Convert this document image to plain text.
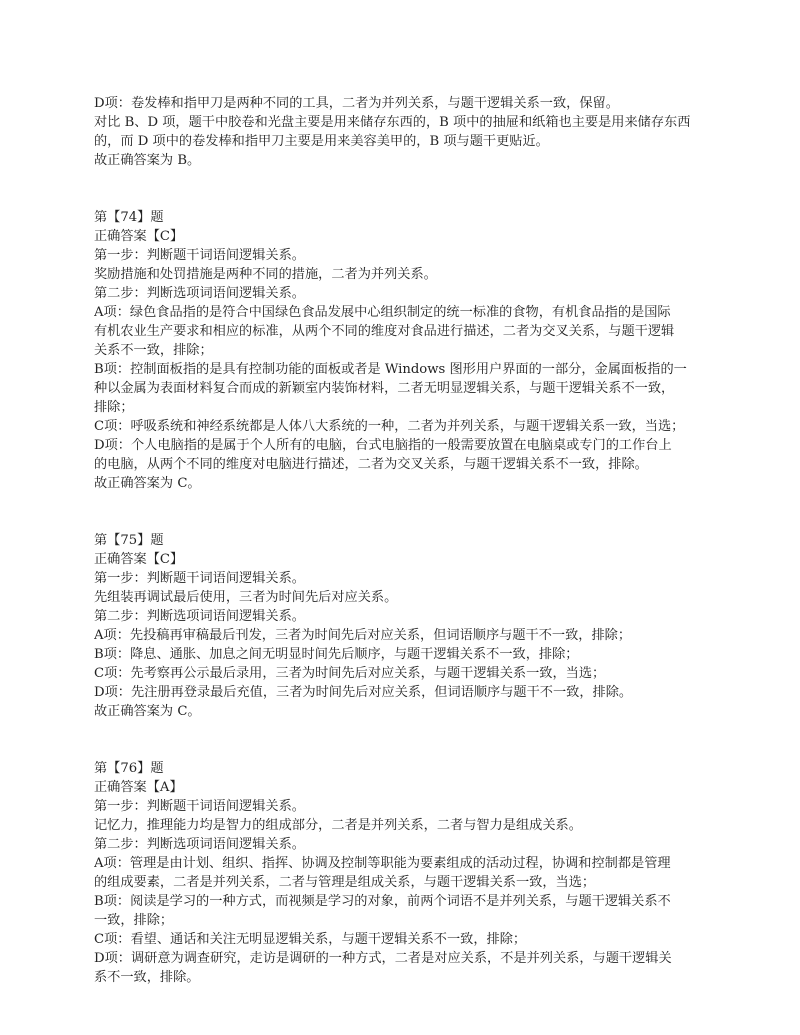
D项：卷发棒和指甲刀是两种不同的工具，二者为并列关系，与题干逻辑关系一致，保留。
对比 B、D 项，题干中胶卷和光盘主要是用来储存东西的，B 项中的抽屉和纸箱也主要是用来储存东西
的，而 D 项中的卷发棒和指甲刀主要是用来美容美甲的，B 项与题干更贴近。
故正确答案为 B。
第【74】题
正确答案【C】
第一步：判断题干词语间逻辑关系。
奖励措施和处罚措施是两种不同的措施，二者为并列关系。
第二步：判断选项词语间逻辑关系。
A项：绿色食品指的是符合中国绿色食品发展中心组织制定的统一标准的食物，有机食品指的是国际
有机农业生产要求和相应的标准，从两个不同的维度对食品进行描述，二者为交叉关系，与题干逻辑
关系不一致，排除；
B项：控制面板指的是具有控制功能的面板或者是 Windows 图形用户界面的一部分，金属面板指的一
种以金属为表面材料复合而成的新颖室内装饰材料，二者无明显逻辑关系，与题干逻辑关系不一致，
排除；
C项：呼吸系统和神经系统都是人体八大系统的一种，二者为并列关系，与题干逻辑关系一致，当选；
D项：个人电脑指的是属于个人所有的电脑，台式电脑指的一般需要放置在电脑桌或专门的工作台上
的电脑，从两个不同的维度对电脑进行描述，二者为交叉关系，与题干逻辑关系不一致，排除。
故正确答案为 C。
第【75】题
正确答案【C】
第一步：判断题干词语间逻辑关系。
先组装再调试最后使用，三者为时间先后对应关系。
第二步：判断选项词语间逻辑关系。
A项：先投稿再审稿最后刊发，三者为时间先后对应关系，但词语顺序与题干不一致，排除；
B项：降息、通胀、加息之间无明显时间先后顺序，与题干逻辑关系不一致，排除；
C项：先考察再公示最后录用，三者为时间先后对应关系，与题干逻辑关系一致，当选；
D项：先注册再登录最后充值，三者为时间先后对应关系，但词语顺序与题干不一致，排除。
故正确答案为 C。
第【76】题
正确答案【A】
第一步：判断题干词语间逻辑关系。
记忆力，推理能力均是智力的组成部分，二者是并列关系，二者与智力是组成关系。
第二步：判断选项词语间逻辑关系。
A项：管理是由计划、组织、指挥、协调及控制等职能为要素组成的活动过程，协调和控制都是管理
的组成要素，二者是并列关系，二者与管理是组成关系，与题干逻辑关系一致，当选；
B项：阅读是学习的一种方式，而视频是学习的对象，前两个词语不是并列关系，与题干逻辑关系不
一致，排除；
C项：看望、通话和关注无明显逻辑关系，与题干逻辑关系不一致，排除；
D项：调研意为调查研究，走访是调研的一种方式，二者是对应关系，不是并列关系，与题干逻辑关
系不一致，排除。
